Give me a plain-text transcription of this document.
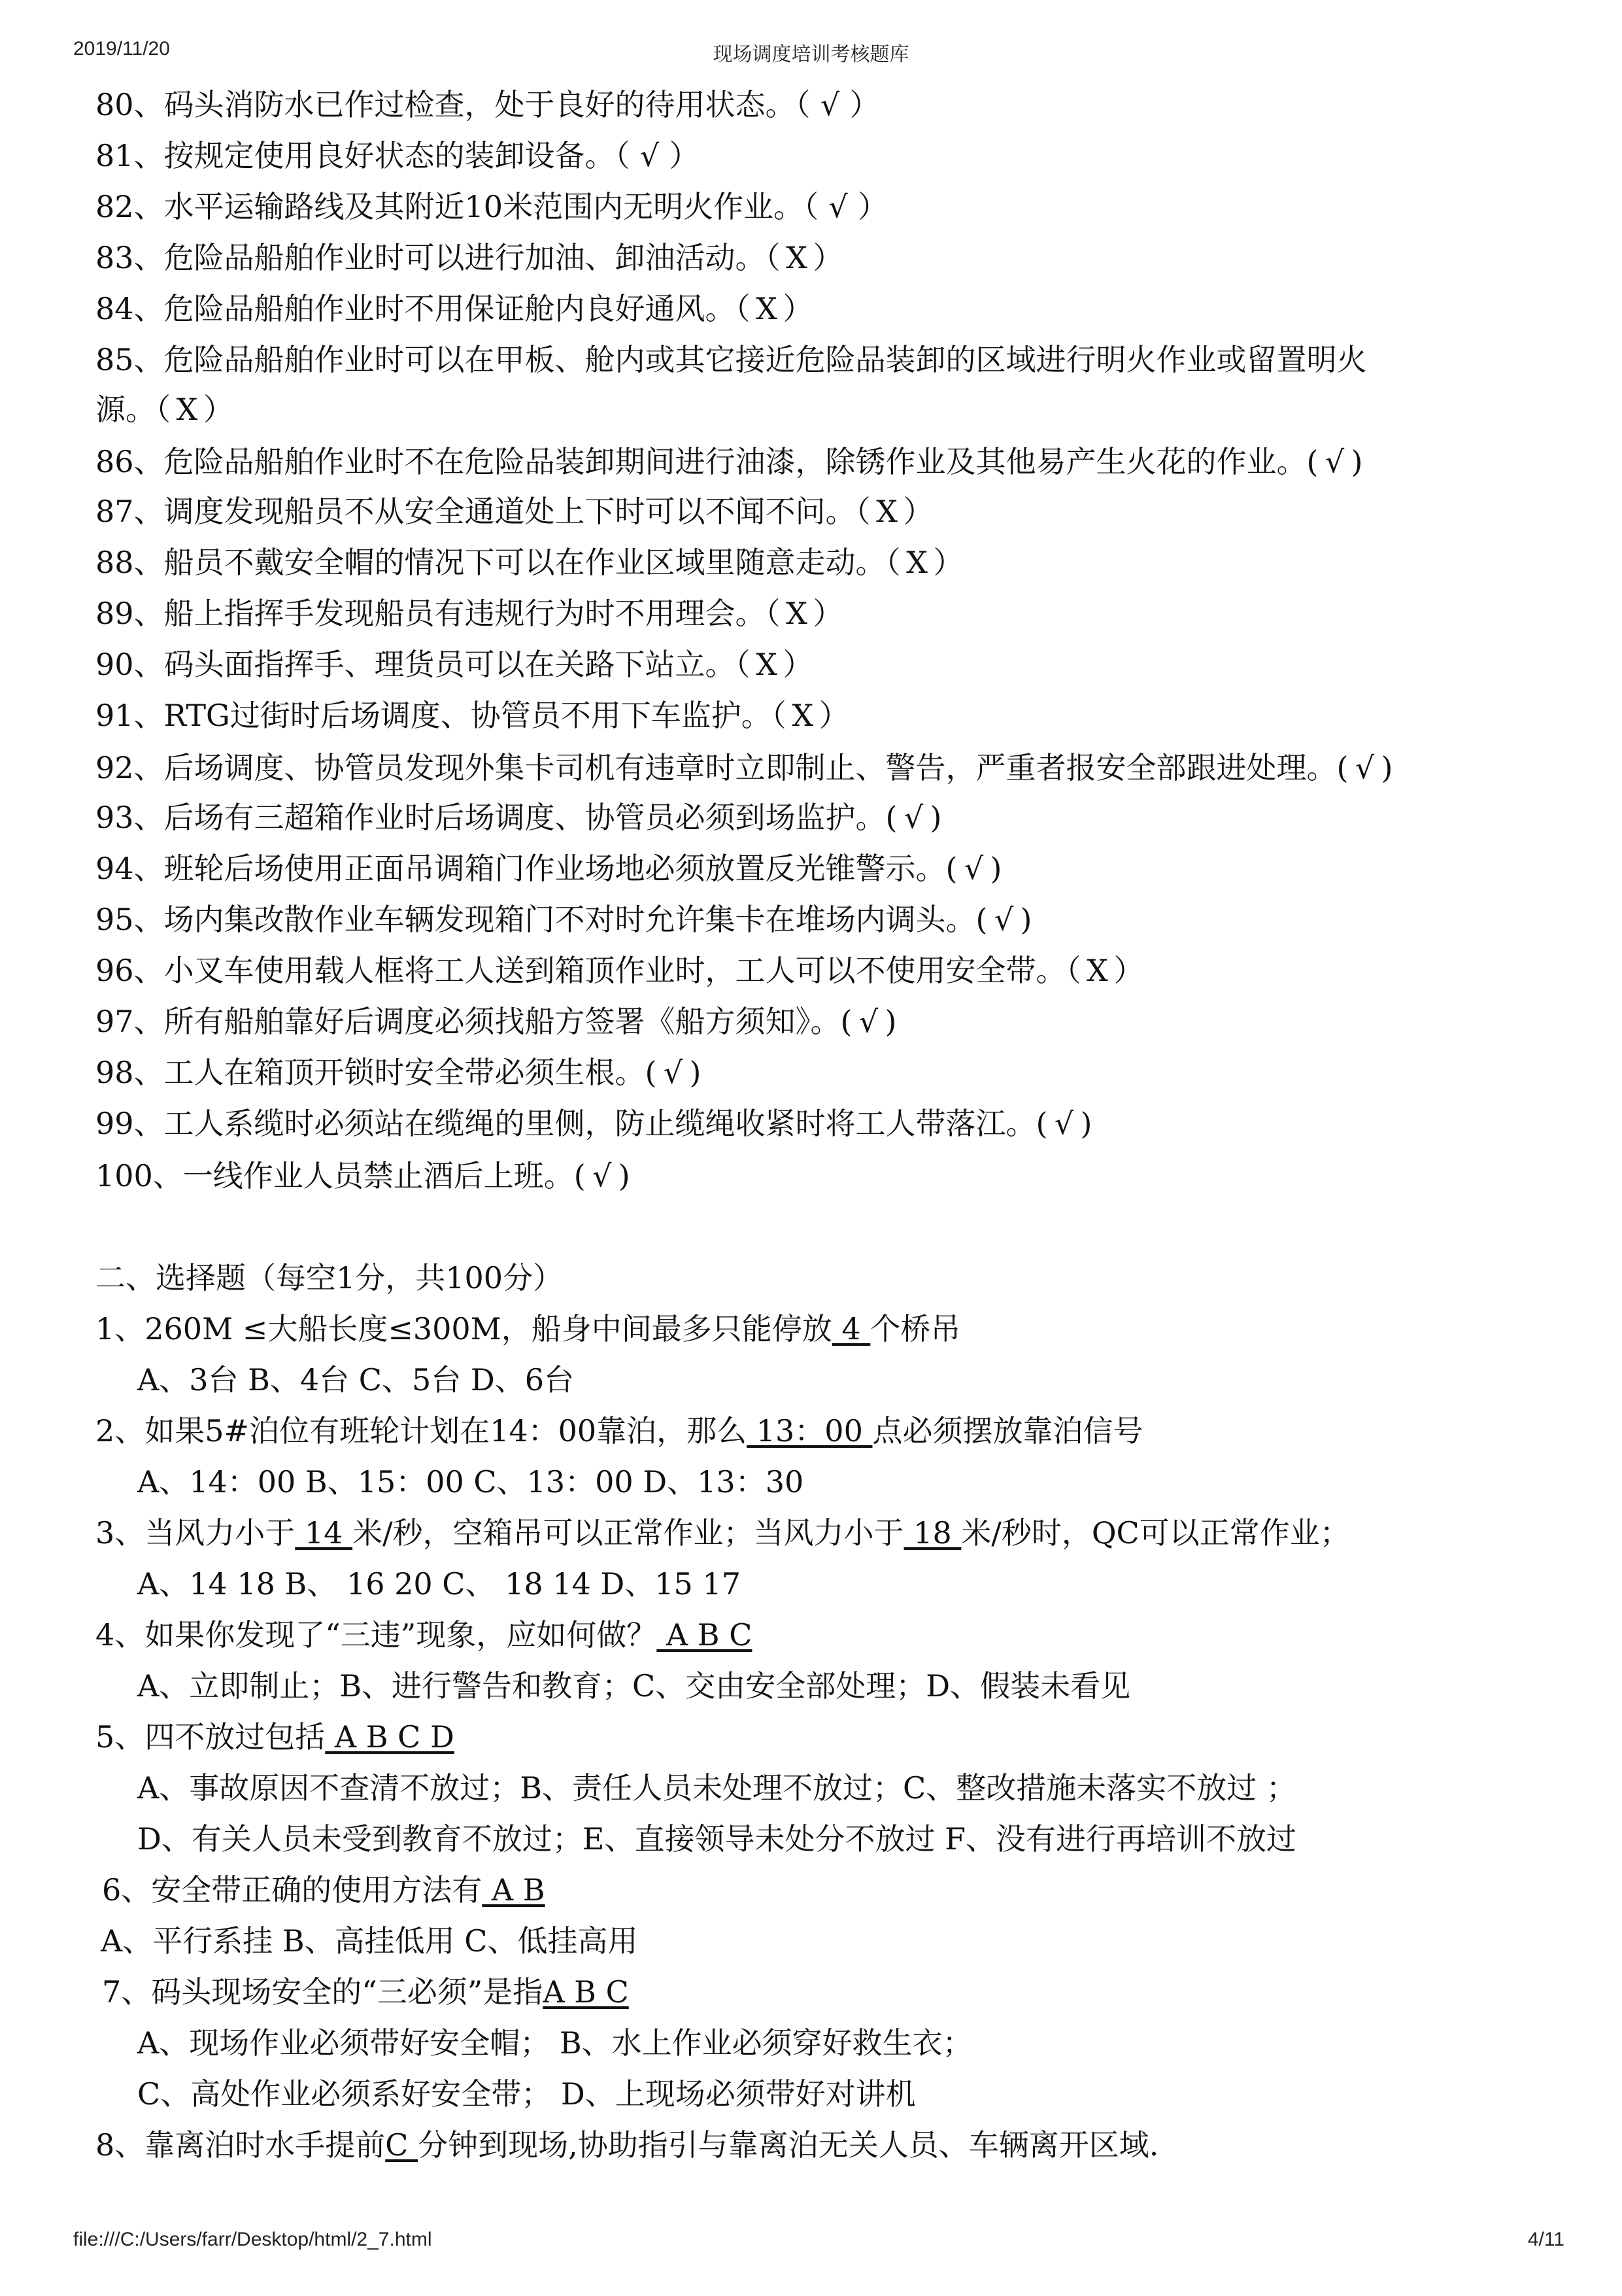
2019/11/20	现场调度培训考核题库
80、码头消防水已作过检查，处于良好的待用状态。（ √ ）
81、按规定使用良好状态的装卸设备。（ √ ）
82、水平运输路线及其附近10米范围内无明火作业。（ √ ）
83、危险品船舶作业时可以进行加油、卸油活动。（ X ）
84、危险品船舶作业时不用保证舱内良好通风。（ X ）
85、危险品船舶作业时可以在甲板、舱内或其它接近危险品装卸的区域进行明火作业或留置明火
源。（ X ）
86、危险品船舶作业时不在危险品装卸期间进行油漆，除锈作业及其他易产生火花的作业。( √ )
87、调度发现船员不从安全通道处上下时可以不闻不问。（ X ）
88、船员不戴安全帽的情况下可以在作业区域里随意走动。（ X ）
89、船上指挥手发现船员有违规行为时不用理会。（ X ）
90、码头面指挥手、理货员可以在关路下站立。（ X ）
91、RTG过街时后场调度、协管员不用下车监护。（ X ）
92、后场调度、协管员发现外集卡司机有违章时立即制止、警告，严重者报安全部跟进处理。( √ )
93、后场有三超箱作业时后场调度、协管员必须到场监护。( √ )
94、班轮后场使用正面吊调箱门作业场地必须放置反光锥警示。( √ )
95、场内集改散作业车辆发现箱门不对时允许集卡在堆场内调头。( √ )
96、小叉车使用载人框将工人送到箱顶作业时，工人可以不使用安全带。（ X ）
97、所有船舶靠好后调度必须找船方签署《船方须知》。( √ )
98、工人在箱顶开锁时安全带必须生根。( √ )
99、工人系缆时必须站在缆绳的里侧，防止缆绳收紧时将工人带落江。( √ )
100、一线作业人员禁止酒后上班。( √ )
二、选择题（每空1分，共100分）
1、260M ≤大船长度≤300M，船身中间最多只能停放 4 个桥吊
A、3台 B、4台 C、5台 D、6台
2、如果5#泊位有班轮计划在14：00靠泊，那么 13：00 点必须摆放靠泊信号
A、14：00 B、15：00 C、13：00 D、13：30
3、当风力小于 14 米/秒，空箱吊可以正常作业；当风力小于 18 米/秒时，QC可以正常作业；
A、14 18 B、 16 20 C、 18 14 D、15 17
4、如果你发现了“三违”现象，应如何做？ A B C
A、立即制止；B、进行警告和教育；C、交由安全部处理；D、假装未看见
5、四不放过包括 A B C D
A、事故原因不查清不放过；B、责任人员未处理不放过；C、整改措施未落实不放过 ；
D、有关人员未受到教育不放过；E、直接领导未处分不放过 F、没有进行再培训不放过
6、安全带正确的使用方法有 A B
A、平行系挂 B、高挂低用 C、低挂高用
7、码头现场安全的“三必须”是指A B C
A、现场作业必须带好安全帽； B、水上作业必须穿好救生衣；
C、高处作业必须系好安全带； D、上现场必须带好对讲机
8、靠离泊时水手提前C 分钟到现场,协助指引与靠离泊无关人员、车辆离开区域.
file:///C:/Users/farr/Desktop/html/2_7.html	4/11
